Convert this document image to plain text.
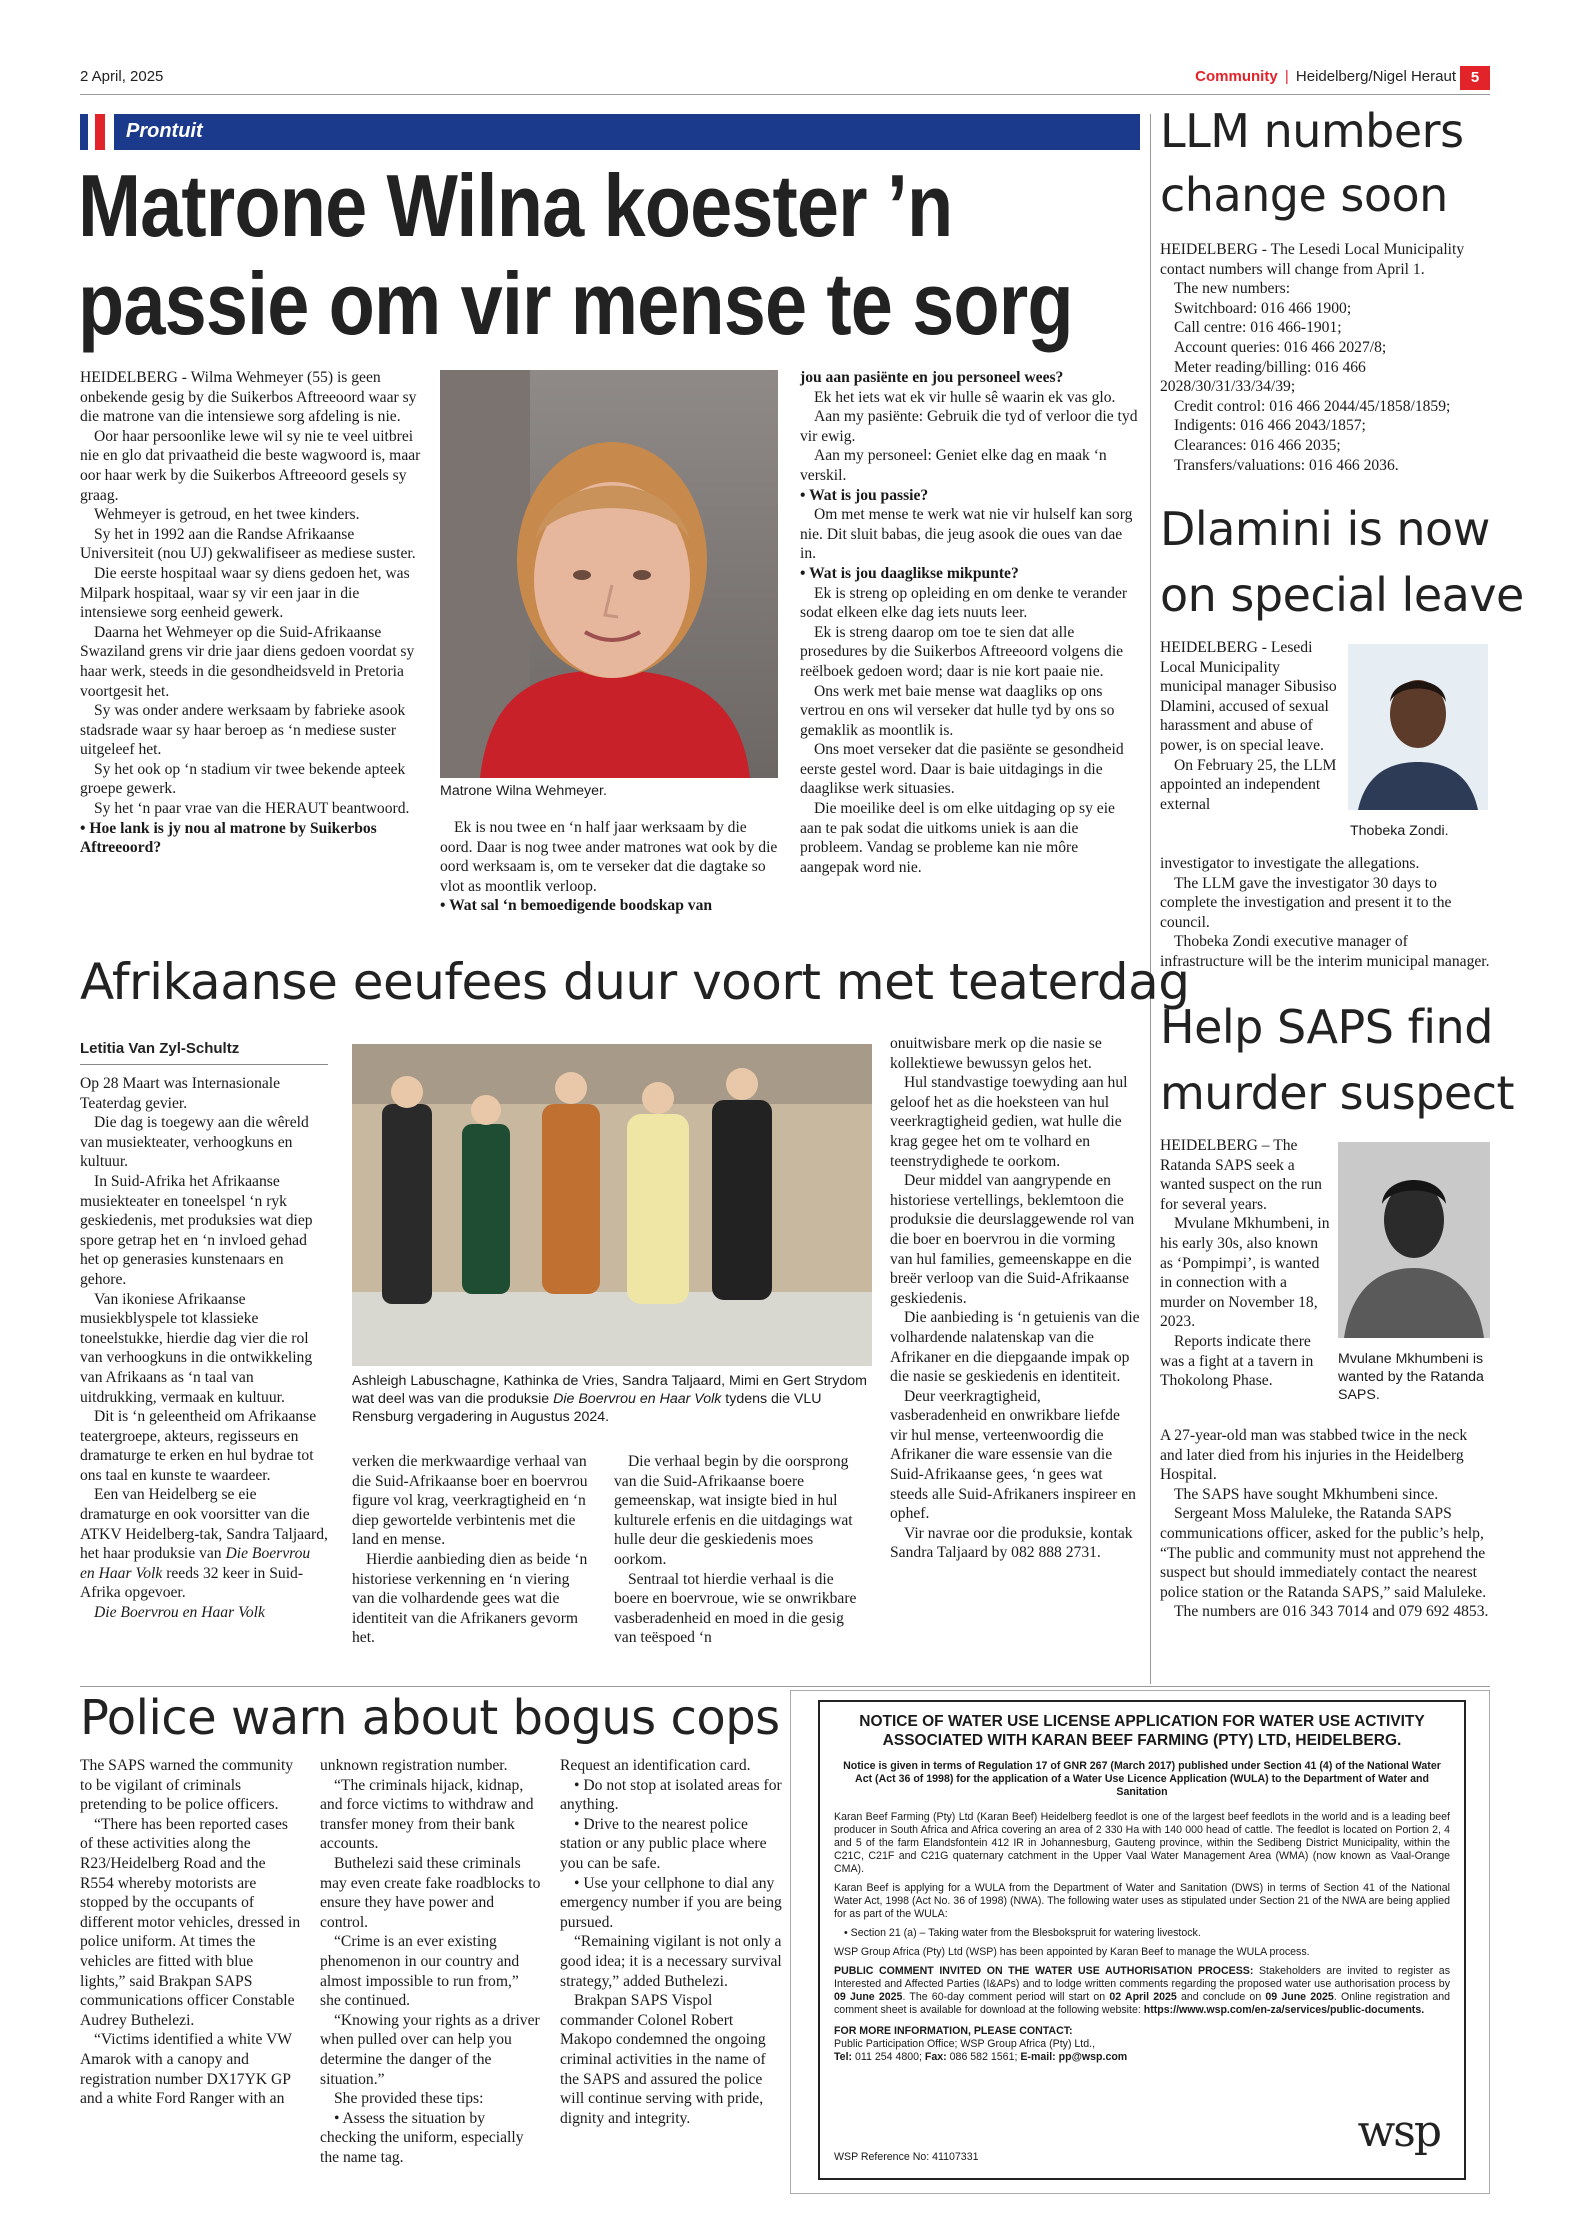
2 April, 2025	Community | Heidelberg/Nigel Heraut 5
Prontuit
Matrone Wilna koester ’n
passie om vir mense te sorg

HEIDELBERG - Wilma Wehmeyer (55) is geen onbekende gesig by die Suikerbos Aftreeoord waar sy die matrone van die intensiewe sorg afdeling is nie.

Oor haar persoonlike lewe wil sy nie te veel uitbrei nie en glo dat privaatheid die beste wagwoord is, maar oor haar werk by die Suikerbos Aftreeoord gesels sy graag.

Wehmeyer is getroud, en het twee kinders.

Sy het in 1992 aan die Randse Afrikaanse Universiteit (nou UJ) gekwalifiseer as mediese suster.

Die eerste hospitaal waar sy diens gedoen het, was Milpark hospitaal, waar sy vir een jaar in die intensiewe sorg eenheid gewerk.

Daarna het Wehmeyer op die Suid-Afrikaanse Swaziland grens vir drie jaar diens gedoen voordat sy haar werk, steeds in die gesondheidsveld in Pretoria voortgesit het.

Sy was onder andere werksaam by fabrieke asook stadsrade waar sy haar beroep as ‘n mediese suster uitgeleef het.

Sy het ook op ‘n stadium vir twee bekende apteek groepe gewerk.

Sy het ‘n paar vrae van die HERAUT beantwoord.

• Hoe lank is jy nou al matrone by Suikerbos Aftreeoord?

Matrone Wilna Wehmeyer.

Ek is nou twee en ‘n half jaar werksaam by die oord. Daar is nog twee ander matrones wat ook by die oord werksaam is, om te verseker dat die dagtake so vlot as moontlik verloop.

• Wat sal ‘n bemoedigende boodskap van

jou aan pasiënte en jou personeel wees?

Ek het iets wat ek vir hulle sê waarin ek vas glo.

Aan my pasiënte: Gebruik die tyd of verloor die tyd vir ewig.

Aan my personeel: Geniet elke dag en maak ‘n verskil.

• Wat is jou passie?

Om met mense te werk wat nie vir hulself kan sorg nie. Dit sluit babas, die jeug asook die oues van dae in.

• Wat is jou daaglikse mikpunte?

Ek is streng op opleiding en om denke te verander sodat elkeen elke dag iets nuuts leer.

Ek is streng daarop om toe te sien dat alle prosedures by die Suikerbos Aftreeoord volgens die reëlboek gedoen word; daar is nie kort paaie nie.

Ons werk met baie mense wat daagliks op ons vertrou en ons wil verseker dat hulle tyd by ons so gemaklik as moontlik is.

Ons moet verseker dat die pasiënte se gesondheid eerste gestel word. Daar is baie uitdagings in die daaglikse werk situasies.

Die moeilike deel is om elke uitdaging op sy eie aan te pak sodat die uitkoms uniek is aan die probleem. Vandag se probleme kan nie môre aangepak word nie.

LLM numbers
change soon

HEIDELBERG - The Lesedi Local Municipality contact numbers will change from April 1.

The new numbers:

Switchboard: 016 466 1900;

Call centre: 016 466-1901;

Account queries: 016 466 2027/8;

Meter reading/billing: 016 466 2028/30/31/33/34/39;

Credit control: 016 466 2044/45/1858/1859;

Indigents: 016 466 2043/1857;

Clearances: 016 466 2035;

Transfers/valuations: 016 466 2036.

Dlamini is now
on special leave

HEIDELBERG - Lesedi Local Municipality municipal manager Sibusiso Dlamini, accused of sexual harassment and abuse of power, is on special leave.

On February 25, the LLM appointed an independent external

Thobeka Zondi.

investigator to investigate the allegations.

The LLM gave the investigator 30 days to complete the investigation and present it to the council.

Thobeka Zondi executive manager of infrastructure will be the interim municipal manager.

Help SAPS find
murder suspect

HEIDELBERG – The Ratanda SAPS seek a wanted suspect on the run for several years.

Mvulane Mkhumbeni, in his early 30s, also known as ‘Pompimpi’, is wanted in connection with a murder on November 18, 2023.

Reports indicate there was a fight at a tavern in Thokolong Phase.

Mvulane Mkhumbeni is wanted by the Ratanda SAPS.

A 27-year-old man was stabbed twice in the neck and later died from his injuries in the Heidelberg Hospital.

The SAPS have sought Mkhumbeni since.

Sergeant Moss Maluleke, the Ratanda SAPS communications officer, asked for the public’s help, “The public and community must not apprehend the suspect but should immediately contact the nearest police station or the Ratanda SAPS,” said Maluleke.

The numbers are 016 343 7014 and 079 692 4853.

Afrikaanse eeufees duur voort met teaterdag
Letitia Van Zyl-Schultz

Op 28 Maart was Internasionale Teaterdag gevier.

Die dag is toegewy aan die wêreld van musiekteater, verhoogkuns en kultuur.

In Suid-Afrika het Afrikaanse musiekteater en toneelspel ‘n ryk geskiedenis, met produksies wat diep spore getrap het en ‘n invloed gehad het op generasies kunstenaars en gehore.

Van ikoniese Afrikaanse musiekblyspele tot klassieke toneelstukke, hierdie dag vier die rol van verhoogkuns in die ontwikkeling van Afrikaans as ‘n taal van uitdrukking, vermaak en kultuur.

Dit is ‘n geleentheid om Afrikaanse teatergroepe, akteurs, regisseurs en dramaturge te erken en hul bydrae tot ons taal en kunste te waardeer.

Een van Heidelberg se eie dramaturge en ook voorsitter van die ATKV Heidelberg-tak, Sandra Taljaard, het haar produksie van Die Boervrou en Haar Volk reeds 32 keer in Suid-Afrika opgevoer.

Die Boervrou en Haar Volk

Ashleigh Labuschagne, Kathinka de Vries, Sandra Taljaard, Mimi en Gert Strydom wat deel was van die produksie Die Boervrou en Haar Volk tydens die VLU Rensburg vergadering in Augustus 2024.

verken die merkwaardige verhaal van die Suid-Afrikaanse boer en boervrou figure vol krag, veerkragtigheid en ‘n diep gewortelde verbintenis met die land en mense.

Hierdie aanbieding dien as beide ‘n historiese verkenning en ‘n viering van die volhardende gees wat die identiteit van die Afrikaners gevorm het.

Die verhaal begin by die oorsprong van die Suid-Afrikaanse boere gemeenskap, wat insigte bied in hul kulturele erfenis en die uitdagings wat hulle deur die geskiedenis moes oorkom.

Sentraal tot hierdie verhaal is die boere en boervroue, wie se onwrikbare vasberadenheid en moed in die gesig van teëspoed ‘n

onuitwisbare merk op die nasie se kollektiewe bewussyn gelos het.

Hul standvastige toewyding aan hul geloof het as die hoeksteen van hul veerkragtigheid gedien, wat hulle die krag gegee het om te volhard en teenstrydighede te oorkom.

Deur middel van aangrypende en historiese vertellings, beklemtoon die produksie die deurslaggewende rol van die boer en boervrou in die vorming van hul families, gemeenskappe en die breër verloop van die Suid-Afrikaanse geskiedenis.

Die aanbieding is ‘n getuienis van die volhardende nalatenskap van die Afrikaner en die diepgaande impak op die nasie se geskiedenis en identiteit.

Deur veerkragtigheid, vasberadenheid en onwrikbare liefde vir hul mense, verteenwoordig die Afrikaner die ware essensie van die Suid-Afrikaanse gees, ‘n gees wat steeds alle Suid-Afrikaners inspireer en ophef.

Vir navrae oor die produksie, kontak Sandra Taljaard by 082 888 2731.

Police warn about bogus cops

The SAPS warned the community to be vigilant of criminals pretending to be police officers.

“There has been reported cases of these activities along the R23/Heidelberg Road and the R554 whereby motorists are stopped by the occupants of different motor vehicles, dressed in police uniform. At times the vehicles are fitted with blue lights,” said Brakpan SAPS communications officer Constable Audrey Buthelezi.

“Victims identified a white VW Amarok with a canopy and registration number DX17YK GP and a white Ford Ranger with an

unknown registration number.

“The criminals hijack, kidnap, and force victims to withdraw and transfer money from their bank accounts.

Buthelezi said these criminals may even create fake roadblocks to ensure they have power and control.

“Crime is an ever existing phenomenon in our country and almost impossible to run from,” she continued.

“Knowing your rights as a driver when pulled over can help you determine the danger of the situation.”

She provided these tips:

• Assess the situation by checking the uniform, especially the name tag.

Request an identification card.

• Do not stop at isolated areas for anything.

• Drive to the nearest police station or any public place where you can be safe.

• Use your cellphone to dial any emergency number if you are being pursued.

“Remaining vigilant is not only a good idea; it is a necessary survival strategy,” added Buthelezi.

Brakpan SAPS Vispol commander Colonel Robert Makopo condemned the ongoing criminal activities in the name of the SAPS and assured the police will continue serving with pride, dignity and integrity.

NOTICE OF WATER USE LICENSE APPLICATION FOR WATER USE ACTIVITY ASSOCIATED WITH KARAN BEEF FARMING (PTY) LTD, HEIDELBERG.

Notice is given in terms of Regulation 17 of GNR 267 (March 2017) published under Section 41 (4) of the National Water Act (Act 36 of 1998) for the application of a Water Use Licence Application (WULA) to the Department of Water and Sanitation

Karan Beef Farming (Pty) Ltd (Karan Beef) Heidelberg feedlot is one of the largest beef feedlots in the world and is a leading beef producer in South Africa and Africa covering an area of 2 330 Ha with 140 000 head of cattle. The feedlot is located on Portion 2, 4 and 5 of the farm Elandsfontein 412 IR in Johannesburg, Gauteng province, within the Sedibeng District Municipality, within the C21C, C21F and C21G quaternary catchment in the Upper Vaal Water Management Area (WMA) (now known as Vaal-Orange CMA).

Karan Beef is applying for a WULA from the Department of Water and Sanitation (DWS) in terms of Section 41 of the National Water Act, 1998 (Act No. 36 of 1998) (NWA). The following water uses as stipulated under Section 21 of the NWA are being applied for as part of the WULA:

• Section 21 (a) – Taking water from the Blesbokspruit for watering livestock.

WSP Group Africa (Pty) Ltd (WSP) has been appointed by Karan Beef to manage the WULA process.

PUBLIC COMMENT INVITED ON THE WATER USE AUTHORISATION PROCESS: Stakeholders are invited to register as Interested and Affected Parties (I&APs) and to lodge written comments regarding the proposed water use authorisation process by 09 June 2025. The 60-day comment period will start on 02 April 2025 and conclude on 09 June 2025. Online registration and comment sheet is available for download at the following website: https://www.wsp.com/en-za/services/public-documents.

FOR MORE INFORMATION, PLEASE CONTACT:
Public Participation Office; WSP Group Africa (Pty) Ltd.,
Tel: 011 254 4800; Fax: 086 582 1561; E-mail: pp@wsp.com
WSP Reference No: 41107331	wsp
